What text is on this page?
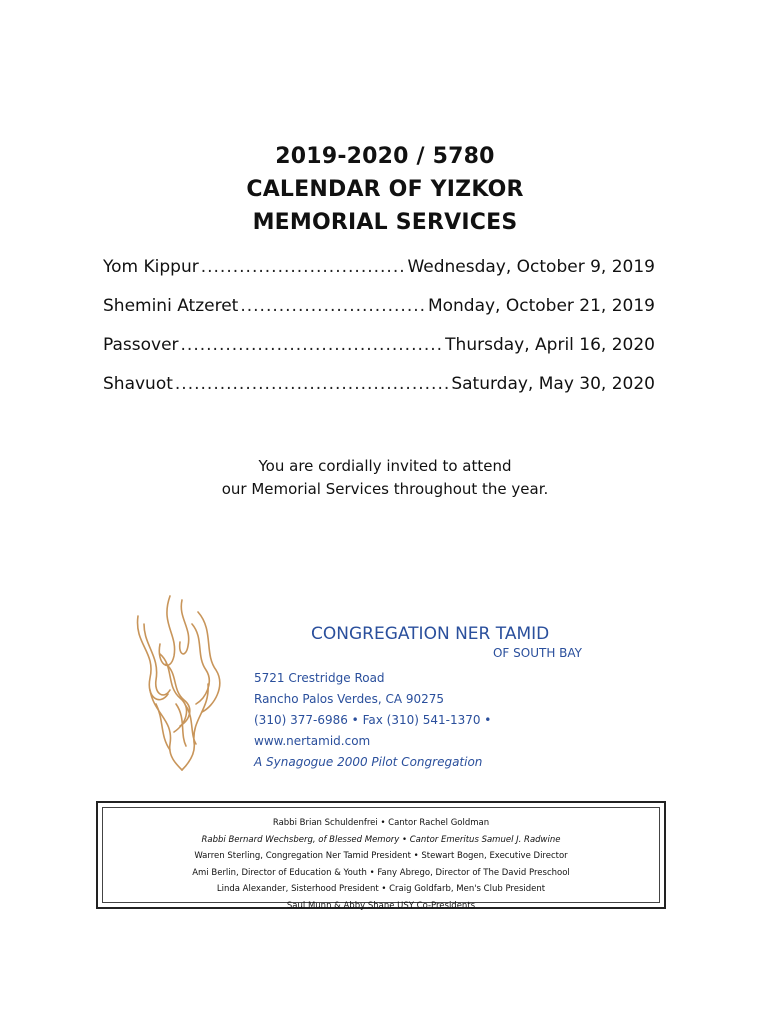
2019-2020 / 5780
CALENDAR OF YIZKOR
MEMORIAL SERVICES
Yom Kippur .....	Wednesday, October 9, 2019
Shemini Atzeret .....	Monday, October 21, 2019
Passover .....	Thursday, April 16, 2020
Shavuot .....	Saturday, May 30, 2020
You are cordially invited to attend
our Memorial Services throughout the year.
CONGREGATION NER TAMID
OF SOUTH BAY
5721 Crestridge Road
Rancho Palos Verdes, CA 90275
(310) 377-6986 • Fax (310) 541-1370 •
www.nertamid.com
A Synagogue 2000 Pilot Congregation
Rabbi Brian Schuldenfrei • Cantor Rachel Goldman
Rabbi Bernard Wechsberg, of Blessed Memory • Cantor Emeritus Samuel J. Radwine
Warren Sterling, Congregation Ner Tamid President • Stewart Bogen, Executive Director
Ami Berlin, Director of Education & Youth • Fany Abrego, Director of The David Preschool
Linda Alexander, Sisterhood President • Craig Goldfarb, Men's Club President
Saul Munn & Abby Shane USY Co-Presidents
